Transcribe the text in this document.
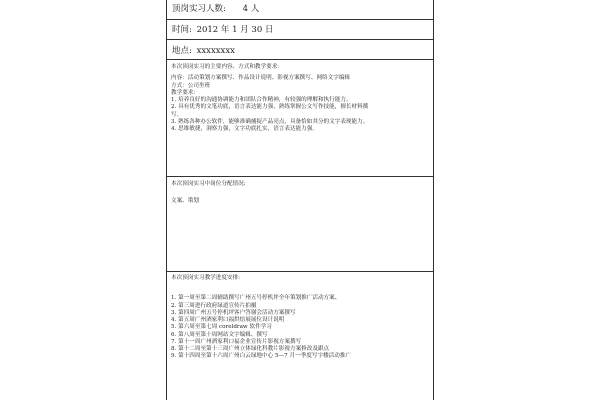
顶岗实习人数: 4 人
时间: 2012 年 1 月 30 日
地点: xxxxxxxx
本次顶岗实习的主要内容、方式和教学要求:
内容：活动策划方案撰写、作品设计说明、影视方案撰写、网络文字编辑
方式：公司坐班
教学要求：
1. 培养良好的沟通协调能力和团队合作精神，有较强的理解和执行能力。
2. 具有优秀的文笔功底，语言表达能力强，熟练掌握公文写作技能，擅长材料撰
写。
3. 熟练各种办公软件，能够准确捕捉产品亮点，具备恰如其分的文字表现能力。
4. 思维敏捷，洞察力强，文字功底扎实，语言表达能力强。
本次顶岗实习中岗位分配情况:
文案、策划
本次顶岗实习教学进度安排:
1. 第一周至第二周辅助撰写广州五号停机坪全年策划推广活动方案、
2. 第三周进行政府绿道宣传片拍摄
3. 第四周广州五号停机坪客户答谢会活动方案撰写
4. 第五周广州酒家利口福烘焙展展位设计说明
5. 第六周至第七周 coreldraw 软件学习
6. 第八周至第十周网站文字编辑、撰写
7. 第十一周广州酒家利口福企业宣传片影视方案撰写
8. 第十二周至第十三周广州立体绿化科教片影视方案修改及跟点
9. 第十四周至第十六周广州白云绿地中心 5—7 月一季度写字楼活动推广
